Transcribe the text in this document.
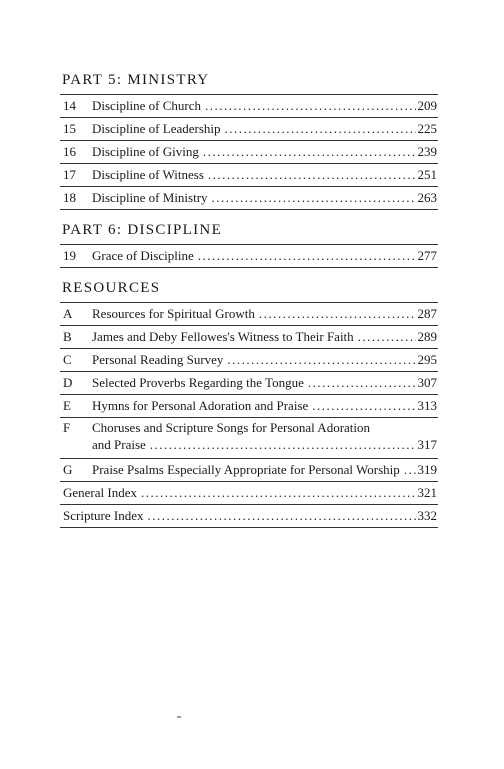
PART 5: MINISTRY
14	Discipline of Church .....	209
15	Discipline of Leadership .....	225
16	Discipline of Giving .....	239
17	Discipline of Witness .....	251
18	Discipline of Ministry .....	263
PART 6: DISCIPLINE
19	Grace of Discipline .....	277
RESOURCES
A	Resources for Spiritual Growth .....	287
B	James and Deby Fellowes's Witness to Their Faith .....	289
C	Personal Reading Survey .....	295
D	Selected Proverbs Regarding the Tongue .....	307
E	Hymns for Personal Adoration and Praise .....	313
F	Choruses and Scripture Songs for Personal Adoration
and Praise .....	317
G	Praise Psalms Especially Appropriate for Personal Worship ..... 319
General Index .....	321
Scripture Index .....	332
